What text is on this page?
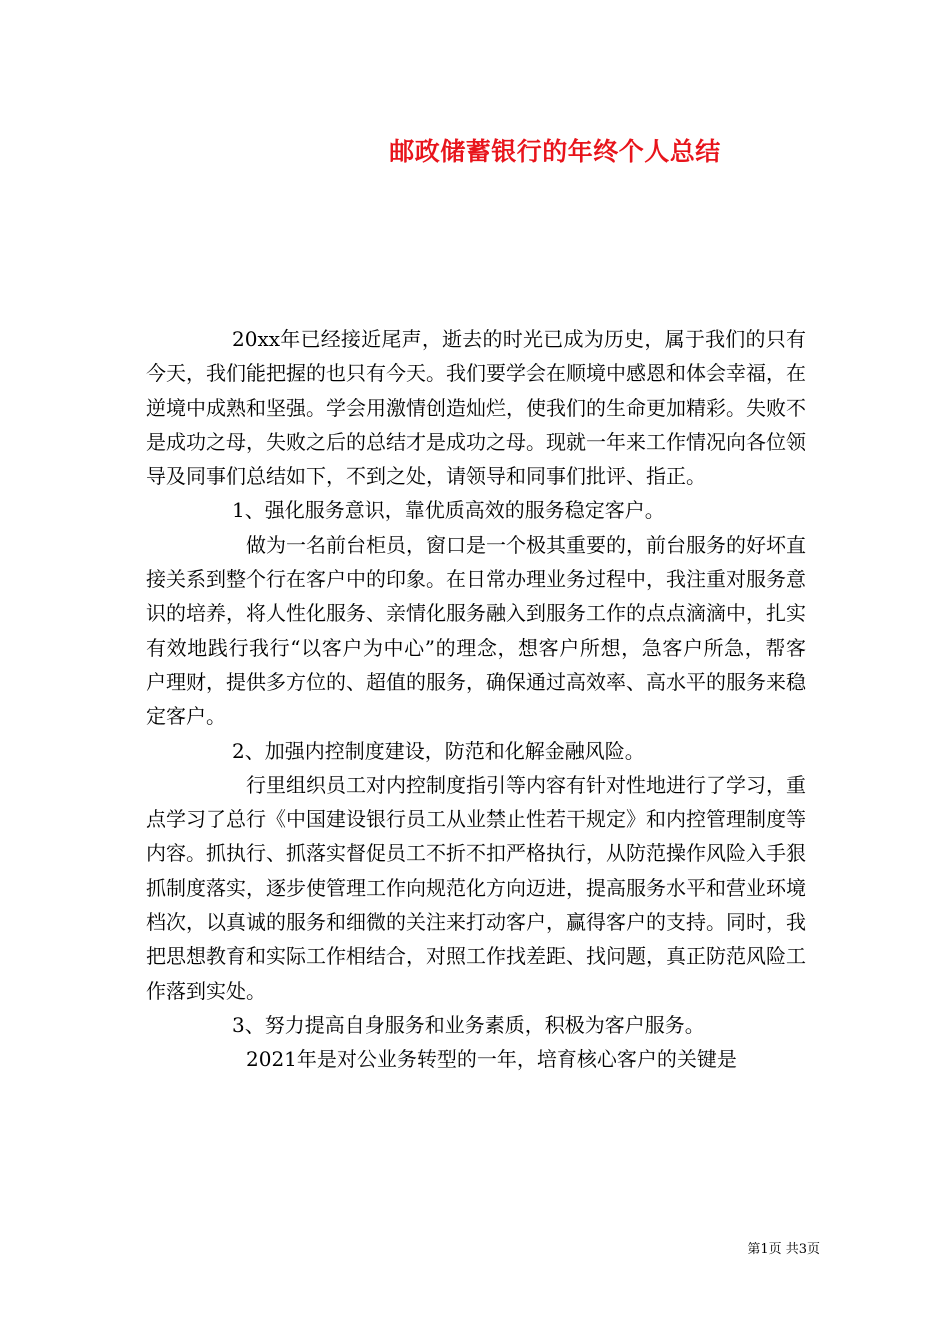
邮政储蓄银行的年终个人总结

20xx年已经接近尾声，逝去的时光已成为历史，属于我们的只有今天，我们能把握的也只有今天。我们要学会在顺境中感恩和体会幸福，在逆境中成熟和坚强。学会用激情创造灿烂，使我们的生命更加精彩。失败不是成功之母，失败之后的总结才是成功之母。现就一年来工作情况向各位领导及同事们总结如下，不到之处，请领导和同事们批评、指正。

1、强化服务意识，靠优质高效的服务稳定客户。

做为一名前台柜员，窗口是一个极其重要的，前台服务的好坏直接关系到整个行在客户中的印象。在日常办理业务过程中，我注重对服务意识的培养，将人性化服务、亲情化服务融入到服务工作的点点滴滴中，扎实有效地践行我行“以客户为中心”的理念，想客户所想，急客户所急，帮客户理财，提供多方位的、超值的服务，确保通过高效率、高水平的服务来稳定客户。

2、加强内控制度建设，防范和化解金融风险。

行里组织员工对内控制度指引等内容有针对性地进行了学习，重点学习了总行《中国建设银行员工从业禁止性若干规定》和内控管理制度等内容。抓执行、抓落实督促员工不折不扣严格执行，从防范操作风险入手狠抓制度落实，逐步使管理工作向规范化方向迈进，提高服务水平和营业环境档次，以真诚的服务和细微的关注来打动客户，赢得客户的支持。同时，我把思想教育和实际工作相结合，对照工作找差距、找问题，真正防范风险工作落到实处。

3、努力提高自身服务和业务素质，积极为客户服务。

2021年是对公业务转型的一年，培育核心客户的关键是

第1页 共3页
